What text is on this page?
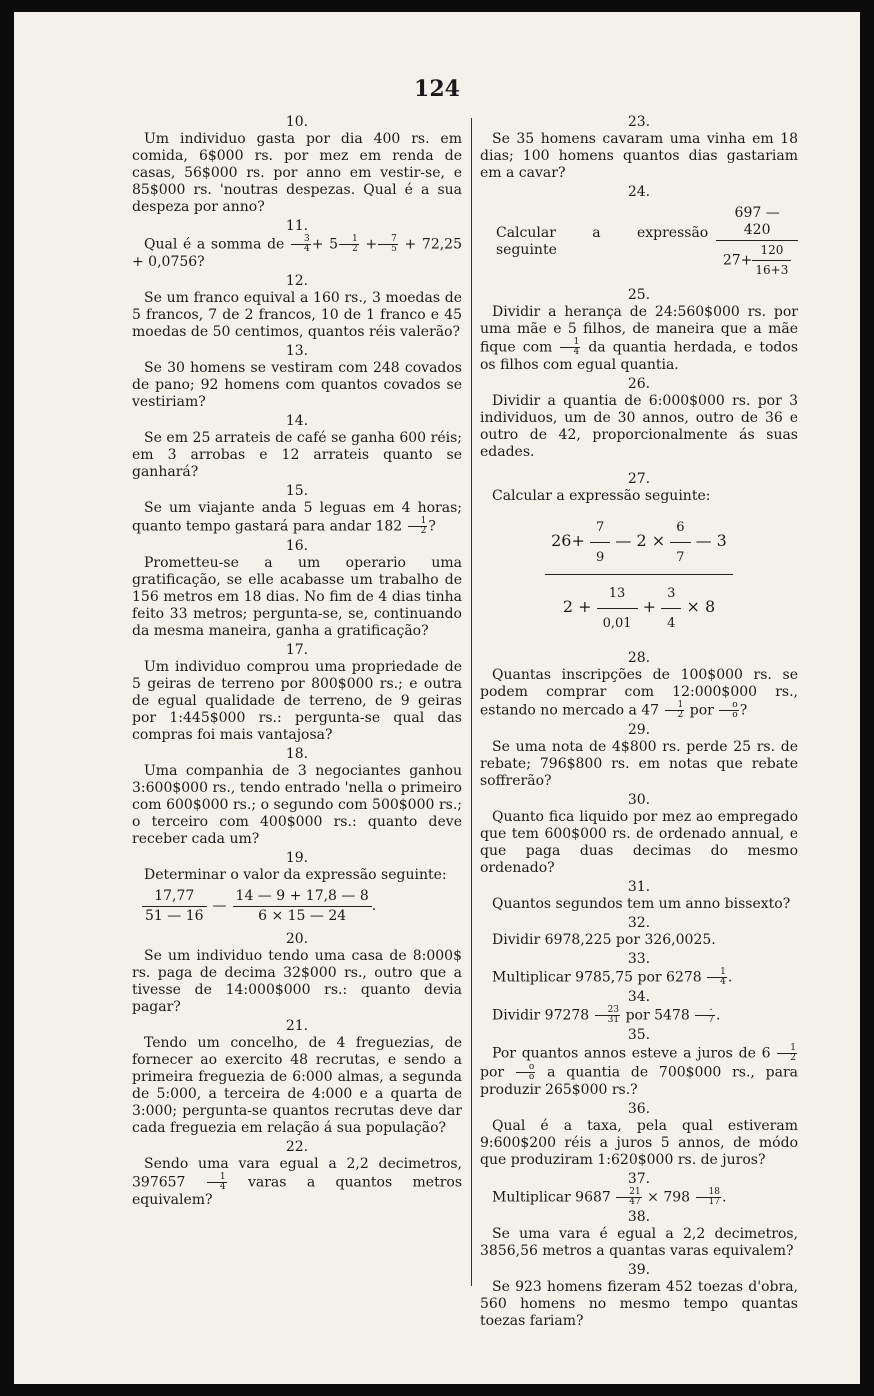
124
10.

Um individuo gasta por dia 400 rs. em comida, 6$000 rs. por mez em renda de casas, 56$000 rs. por anno em vestir-se, e 85$000 rs. 'noutras despezas. Qual é a sua despeza por anno?

11.

Qual é a somma de $\frac{3}{4} + 5 \frac{1}{2} + \frac{7}{5} + 72,25 + 0,0756$?

12.

Se um franco equival a 160 rs., 3 moedas de 5 francos, 7 de 2 francos, 10 de 1 franco e 45 moedas de 50 centimos, quantos réis valerão?

13.

Se 30 homens se vestiram com 248 covados de pano; 92 homens com quantos covados se vestiriam?

14.

Se em 25 arrateis de café se ganha 600 réis; em 3 arrobas e 12 arrateis quanto se ganhará?

15.

Se um viajante anda 5 leguas em 4 horas; quanto tempo gastará para andar $182 \frac{1}{2}$ ?

16.

Prometteu-se a um operario uma gratificação, se elle acabasse um trabalho de 156 metros em 18 dias. No fim de 4 dias tinha feito 33 metros; pergunta-se, se, continuando da mesma maneira, ganha a gratificação?

17.

Um individuo comprou uma propriedade de 5 geiras de terreno por 800$000 rs.; e outra de egual qualidade de terreno, de 9 geiras por 1:445$000 rs.: pergunta-se qual das compras foi mais vantajosa?

18.

Uma companhia de 3 negociantes ganhou 3:600$000 rs., tendo entrado 'nella o primeiro com 600$000 rs.; o segundo com 500$000 rs.; o terceiro com 400$000 rs.: quanto deve receber cada um?

19.

Determinar o valor da expressão seguinte:

17,77
51 — 16
—
14 — 9 + 17,8 — 8
6 × 15 — 24
.
20.

Se um individuo tendo uma casa de 8:000$ rs. paga de decima 32$000 rs., outro que a tivesse de 14:000$000 rs.: quanto devia pagar?

21.

Tendo um concelho, de 4 freguezias, de fornecer ao exercito 48 recrutas, e sendo a primeira freguezia de 6:000 almas, a segunda de 5:000, a terceira de 4:000 e a quarta de 3:000; pergunta-se quantos recrutas deve dar cada freguezia em relação á sua população?

22.

Sendo uma vara egual a 2,2 decimetros, $397657 \frac{1}{4}$ varas a quantos metros equivalem?

23.

Se 35 homens cavaram uma vinha em 18 dias; 100 homens quantos dias gastariam em a cavar?

24.
Calcular a expressão seguinte
697 — 420
$27+ \frac{120}{16+3}$
25.

Dividir a herança de 24:560$000 rs. por uma mãe e 5 filhos, de maneira que a mãe fique com $\frac{1}{4}$ da quantia herdada, e todos os filhos com egual quantia.

26.

Dividir a quantia de 6:000$000 rs. por 3 individuos, um de 30 annos, outro de 36 e outro de 42, proporcionalmente ás suas edades.

27.

Calcular a expressão seguinte:

$\frac{26+ \frac{7}{9} — 2 \times \frac{6}{7} — 3}{2 + \frac{13}{0,01} + \frac{3}{4} \times 8}$
28.

Quantas inscripções de 100$000 rs. se podem comprar com 12:000$000 rs., estando no mercado a $47 \frac{1}{2}$ por $\frac{o}{o}$ ?

29.

Se uma nota de 4$800 rs. perde 25 rs. de rebate; 796$800 rs. em notas que rebate soffrerão?

30.

Quanto fica liquido por mez ao empregado que tem 600$000 rs. de ordenado annual, e que paga duas decimas do mesmo ordenado?

31.

Quantos segundos tem um anno bissexto?

32.

Dividir 6978,225 por 326,0025.

33.

Multiplicar 9785,75 por $6278 \frac{1}{4}$ .

34.

Dividir $97278 \frac{23}{31}$ por $5478 \frac{-}{7}$ .

35.

Por quantos annos esteve a juros de $6 \frac{1}{2}$
por $\frac{o}{o}$ a quantia de 700$000 rs., para produzir 265$000 rs.?

36.

Qual é a taxa, pela qual estiveram 9:600$200 réis a juros 5 annos, de módo que produziram 1:620$000 rs. de juros?

37.

Multiplicar $9687 \frac{21}{47} \times 798 \frac{18}{17}$ .

38.

Se uma vara é egual a 2,2 decimetros, 3856,56 metros a quantas varas equivalem?

39.

Se 923 homens fizeram 452 toezas d'obra, 560 homens no mesmo tempo quantas toezas fariam?
